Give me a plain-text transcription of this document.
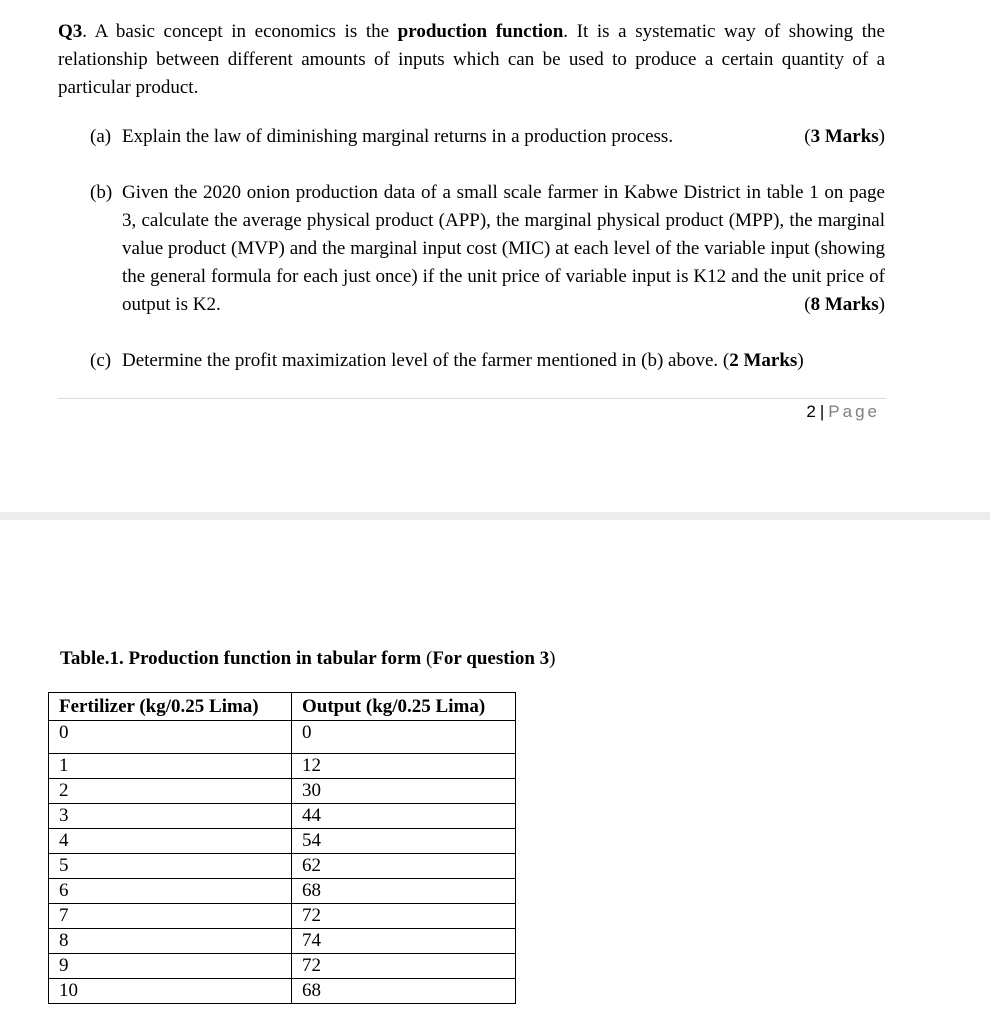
Q3. A basic concept in economics is the production function. It is a systematic way of showing the relationship between different amounts of inputs which can be used to produce a certain quantity of a particular product.

(a)	(3 Marks)
Explain the law of diminishing marginal returns in a production process.
(b) Given the 2020 onion production data of a small scale farmer in Kabwe District in table 1 on page 3, calculate the average physical product (APP), the marginal physical product (MPP), the marginal value product (MVP) and the marginal input cost (MIC) at each level of the variable input (showing the general formula for each just once) if the unit price of variable input is K12 and the unit price of output is K2.	(8 Marks)
(c) Determine the profit maximization level of the farmer mentioned in (b) above. (2 Marks)
2 | Page

Table.1. Production function in tabular form (For question 3)

Fertilizer (kg/0.25 Lima)	Output (kg/0.25 Lima)
0	0
1	12
2	30
3	44
4	54
5	62
6	68
7	72
8	74
9	72
10	68
